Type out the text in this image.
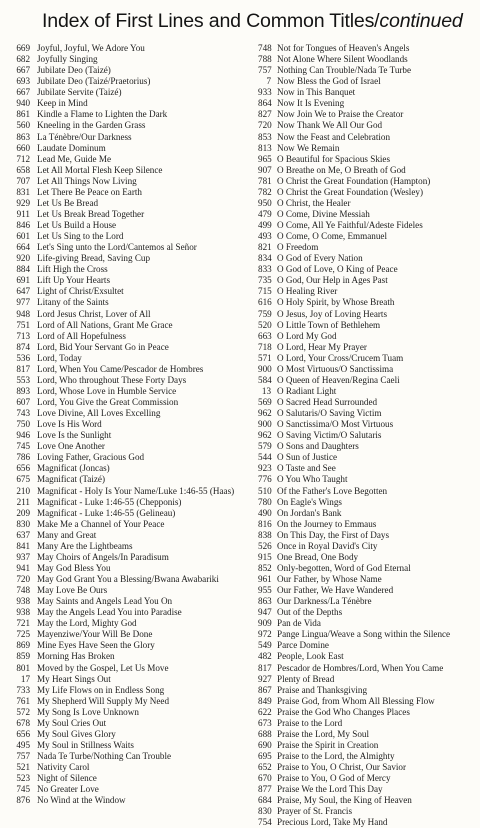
Index of First Lines and Common Titles/continued
669 Joyful, Joyful, We Adore You
682 Joyfully Singing
667 Jubilate Deo (Taizé)
693 Jubilate Deo (Taizé/Praetorius)
667 Jubilate Servite (Taizé)
940 Keep in Mind
861 Kindle a Flame to Lighten the Dark
560 Kneeling in the Garden Grass
863 La Ténèbre/Our Darkness
660 Laudate Dominum
712 Lead Me, Guide Me
658 Let All Mortal Flesh Keep Silence
707 Let All Things Now Living
831 Let There Be Peace on Earth
929 Let Us Be Bread
911 Let Us Break Bread Together
846 Let Us Build a House
601 Let Us Sing to the Lord
664 Let's Sing unto the Lord/Cantemos al Señor
920 Life-giving Bread, Saving Cup
884 Lift High the Cross
691 Lift Up Your Hearts
647 Light of Christ/Exsultet
977 Litany of the Saints
948 Lord Jesus Christ, Lover of All
751 Lord of All Nations, Grant Me Grace
713 Lord of All Hopefulness
874 Lord, Bid Your Servant Go in Peace
536 Lord, Today
817 Lord, When You Came/Pescador de Hombres
553 Lord, Who throughout These Forty Days
893 Lord, Whose Love in Humble Service
607 Lord, You Give the Great Commission
743 Love Divine, All Loves Excelling
750 Love Is His Word
946 Love Is the Sunlight
745 Love One Another
786 Loving Father, Gracious God
656 Magnificat (Joncas)
675 Magnificat (Taizé)
210 Magnificat - Holy Is Your Name/Luke 1:46-55 (Haas)
211 Magnificat - Luke 1:46-55 (Chepponis)
209 Magnificat - Luke 1:46-55 (Gelineau)
830 Make Me a Channel of Your Peace
637 Many and Great
841 Many Are the Lightbeams
937 May Choirs of Angels/In Paradisum
941 May God Bless You
720 May God Grant You a Blessing/Bwana Awabariki
748 May Love Be Ours
938 May Saints and Angels Lead You On
938 May the Angels Lead You into Paradise
721 May the Lord, Mighty God
725 Mayenziwe/Your Will Be Done
869 Mine Eyes Have Seen the Glory
859 Morning Has Broken
801 Moved by the Gospel, Let Us Move
17 My Heart Sings Out
733 My Life Flows on in Endless Song
761 My Shepherd Will Supply My Need
572 My Song Is Love Unknown
678 My Soul Cries Out
656 My Soul Gives Glory
495 My Soul in Stillness Waits
757 Nada Te Turbe/Nothing Can Trouble
521 Nativity Carol
523 Night of Silence
745 No Greater Love
876 No Wind at the Window
748 Not for Tongues of Heaven's Angels
788 Not Alone Where Silent Woodlands
757 Nothing Can Trouble/Nada Te Turbe
7 Now Bless the God of Israel
933 Now in This Banquet
864 Now It Is Evening
827 Now Join We to Praise the Creator
720 Now Thank We All Our God
853 Now the Feast and Celebration
813 Now We Remain
965 O Beautiful for Spacious Skies
907 O Breathe on Me, O Breath of God
781 O Christ the Great Foundation (Hampton)
782 O Christ the Great Foundation (Wesley)
950 O Christ, the Healer
479 O Come, Divine Messiah
499 O Come, All Ye Faithful/Adeste Fideles
493 O Come, O Come, Emmanuel
821 O Freedom
834 O God of Every Nation
833 O God of Love, O King of Peace
735 O God, Our Help in Ages Past
715 O Healing River
616 O Holy Spirit, by Whose Breath
759 O Jesus, Joy of Loving Hearts
520 O Little Town of Bethlehem
663 O Lord My God
718 O Lord, Hear My Prayer
571 O Lord, Your Cross/Crucem Tuam
900 O Most Virtuous/O Sanctissima
584 O Queen of Heaven/Regina Caeli
13 O Radiant Light
569 O Sacred Head Surrounded
962 O Salutaris/O Saving Victim
900 O Sanctissima/O Most Virtuous
962 O Saving Victim/O Salutaris
579 O Sons and Daughters
544 O Sun of Justice
923 O Taste and See
776 O You Who Taught
510 Of the Father's Love Begotten
780 On Eagle's Wings
490 On Jordan's Bank
816 On the Journey to Emmaus
838 On This Day, the First of Days
526 Once in Royal David's City
915 One Bread, One Body
852 Only-begotten, Word of God Eternal
961 Our Father, by Whose Name
955 Our Father, We Have Wandered
863 Our Darkness/La Ténèbre
947 Out of the Depths
909 Pan de Vida
972 Pange Lingua/Weave a Song within the Silence
549 Parce Domine
482 People, Look East
817 Pescador de Hombres/Lord, When You Came
927 Plenty of Bread
867 Praise and Thanksgiving
849 Praise God, from Whom All Blessing Flow
622 Praise the God Who Changes Places
673 Praise to the Lord
688 Praise the Lord, My Soul
690 Praise the Spirit in Creation
695 Praise to the Lord, the Almighty
652 Praise to You, O Christ, Our Savior
670 Praise to You, O God of Mercy
877 Praise We the Lord This Day
684 Praise, My Soul, the King of Heaven
830 Prayer of St. Francis
754 Precious Lord, Take My Hand
